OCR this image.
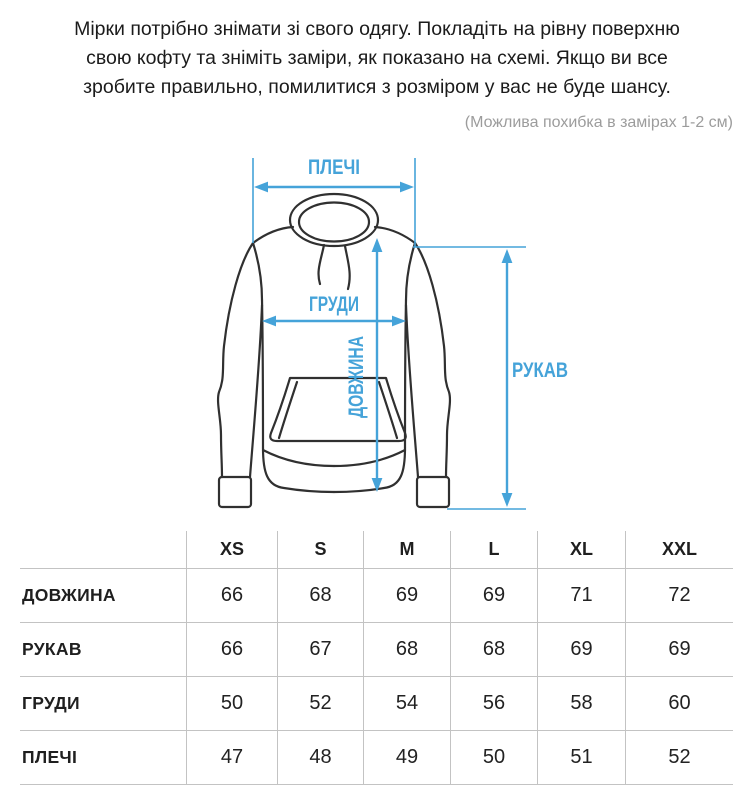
Мірки потрібно знімати зі свого одягу. Покладіть на рівну поверхню
свою кофту та зніміть заміри, як показано на схемі. Якщо ви все
зробите правильно, помилитися з розміром у вас не буде шансу.
(Можлива похибка в замірах 1-2 см)
ПЛЕЧІ
ГРУДИ
ДОВЖИНА	РУКАВ
XS	S	M	L	XL	XXL
ДОВЖИНА	66	68	69	69	71	72
РУКАВ	66	67	68	68	69	69
ГРУДИ	50	52	54	56	58	60
ПЛЕЧІ	47	48	49	50	51	52
